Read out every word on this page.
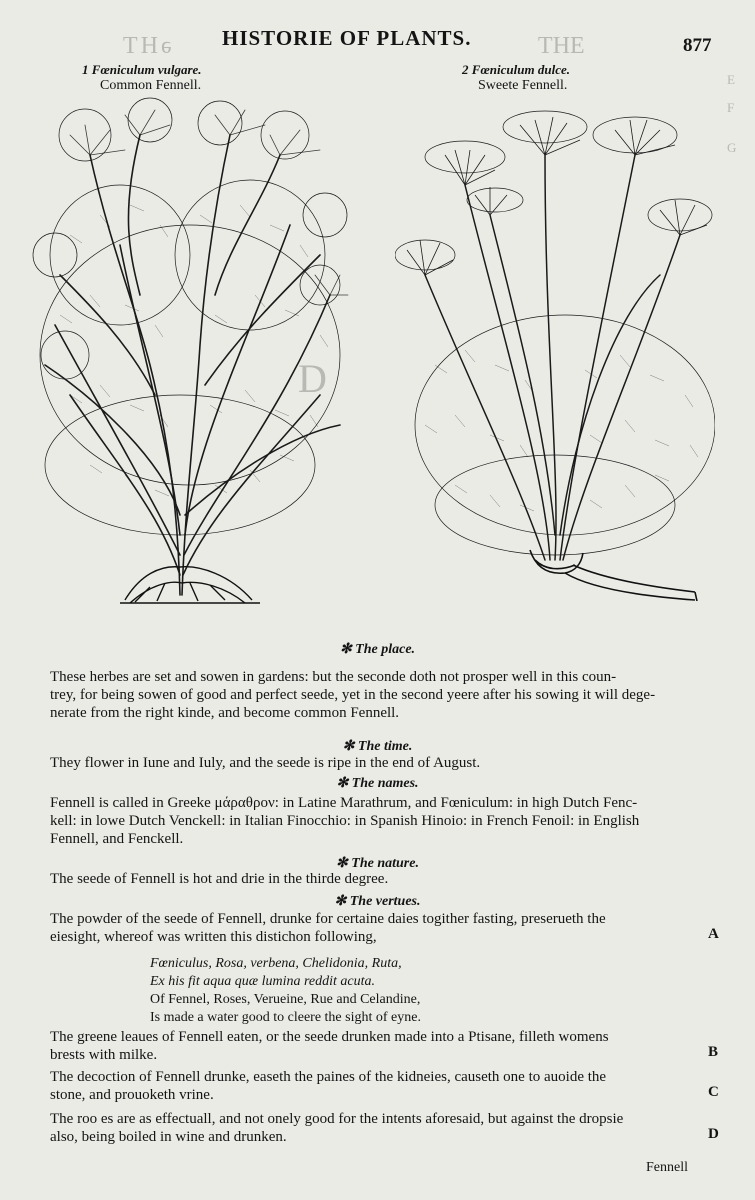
ǝHT	ƎHT
D
E
F
G
HISTORIE OF PLANTS.	877
1 Fœniculum vulgare.
Common Fennell.
2 Fœniculum dulce.
Sweete Fennell.
✻ The place.

These herbes are set and sowen in gardens: but the seconde doth not prosper well in this coun-
trey, for being sowen of good and perfect seede, yet in the second yeere after his sowing it will dege-
nerate from the right kinde, and become common Fennell.

✻ The time.

They flower in Iune and Iuly, and the seede is ripe in the end of August.

✻ The names.

Fennell is called in Greeke μάραθρον: in Latine Marathrum, and Fœniculum: in high Dutch Fenc-
kell: in lowe Dutch Venckell: in Italian Finocchio: in Spanish Hinoio: in French Fenoil: in English
Fennell, and Fenckell.

✻ The nature.

The seede of Fennell is hot and drie in the thirde degree.

✻ The vertues.

The powder of the seede of Fennell, drunke for certaine daies togither fasting, preserueth the
eiesight, whereof was written this distichon following,	A

Fœniculus, Rosa, verbena, Chelidonia, Ruta,
Ex his fit aqua quæ lumina reddit acuta.
Of Fennel, Roses, Verueine, Rue and Celandine,
Is made a water good to cleere the sight of eyne.

The greene leaues of Fennell eaten, or the seede drunken made into a Ptisane, filleth womens
brests with milke.	B

The decoction of Fennell drunke, easeth the paines of the kidneies, causeth one to auoide the
stone, and prouoketh vrine.	C

The roo es are as effectuall, and not onely good for the intents aforesaid, but against the dropsie
also, being boiled in wine and drunken.	D
Fennell
